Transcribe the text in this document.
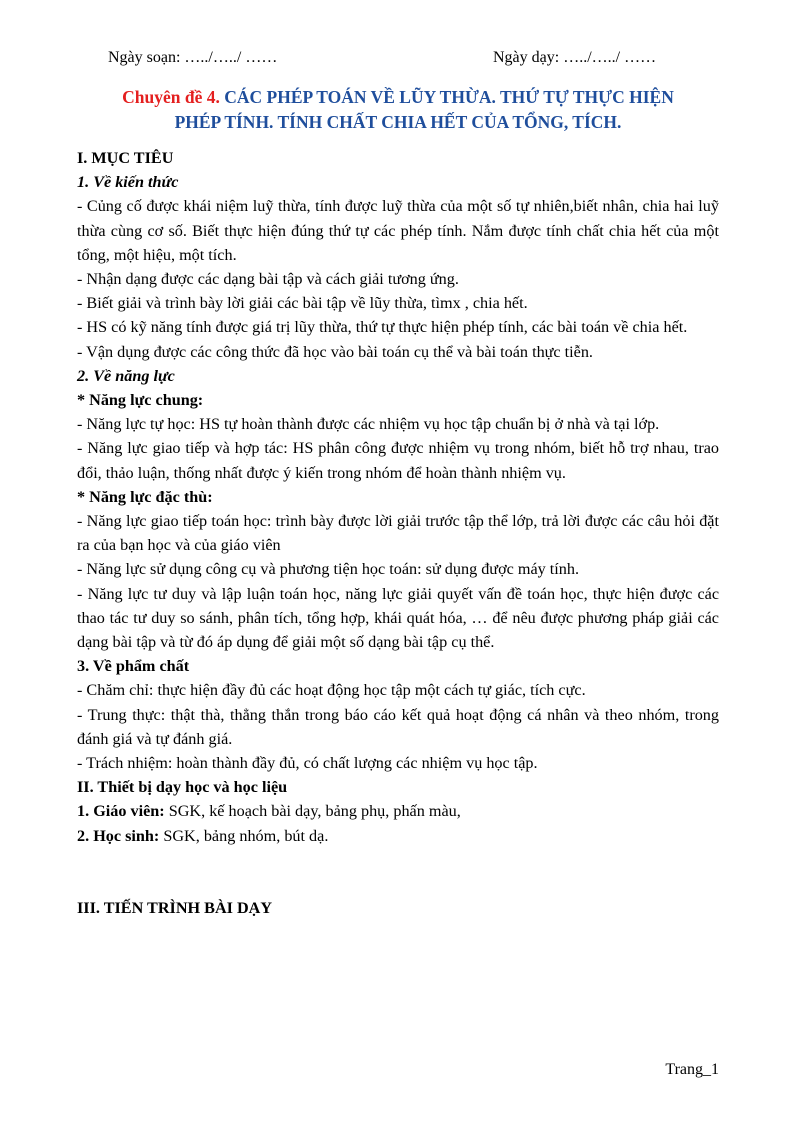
Ngày soạn: …../…../ ……	Ngày dạy: …../…../ ……
Chuyên đề 4. CÁC PHÉP TOÁN VỀ LŨY THỪA. THỨ TỰ THỰC HIỆN
PHÉP TÍNH. TÍNH CHẤT CHIA HẾT CỦA TỔNG, TÍCH.

I. MỤC TIÊU

1. Về kiến thức

- Củng cố được khái niệm luỹ thừa, tính được luỹ thừa của một số tự nhiên,biết nhân, chia hai luỹ thừa cùng cơ số. Biết thực hiện đúng thứ tự các phép tính. Nắm được tính chất chia hết của một tổng, một hiệu, một tích.

- Nhận dạng được các dạng bài tập và cách giải tương ứng.

- Biết giải và trình bày lời giải các bài tập về lũy thừa, tìmx , chia hết.

- HS có kỹ năng tính được giá trị lũy thừa, thứ tự thực hiện phép tính, các bài toán về chia hết.

- Vận dụng được các công thức đã học vào bài toán cụ thể và bài toán thực tiễn.

2. Về năng lực

* Năng lực chung:

- Năng lực tự học: HS tự hoàn thành được các nhiệm vụ học tập chuẩn bị ở nhà và tại lớp.

- Năng lực giao tiếp và hợp tác: HS phân công được nhiệm vụ trong nhóm, biết hỗ trợ nhau, trao đổi, thảo luận, thống nhất được ý kiến trong nhóm để hoàn thành nhiệm vụ.

* Năng lực đặc thù:

- Năng lực giao tiếp toán học: trình bày được lời giải trước tập thể lớp, trả lời được các câu hỏi đặt ra của bạn học và của giáo viên

- Năng lực sử dụng công cụ và phương tiện học toán: sử dụng được máy tính.

- Năng lực tư duy và lập luận toán học, năng lực giải quyết vấn đề toán học, thực hiện được các thao tác tư duy so sánh, phân tích, tổng hợp, khái quát hóa, … để nêu được phương pháp giải các dạng bài tập và từ đó áp dụng để giải một số dạng bài tập cụ thể.

3. Về phẩm chất

- Chăm chỉ: thực hiện đầy đủ các hoạt động học tập một cách tự giác, tích cực.

- Trung thực: thật thà, thẳng thắn trong báo cáo kết quả hoạt động cá nhân và theo nhóm, trong đánh giá và tự đánh giá.

- Trách nhiệm: hoàn thành đầy đủ, có chất lượng các nhiệm vụ học tập.

II. Thiết bị dạy học và học liệu

1. Giáo viên: SGK, kế hoạch bài dạy, bảng phụ, phấn màu,

2. Học sinh: SGK, bảng nhóm, bút dạ.

III. TIẾN TRÌNH BÀI DẠY

Trang_1
